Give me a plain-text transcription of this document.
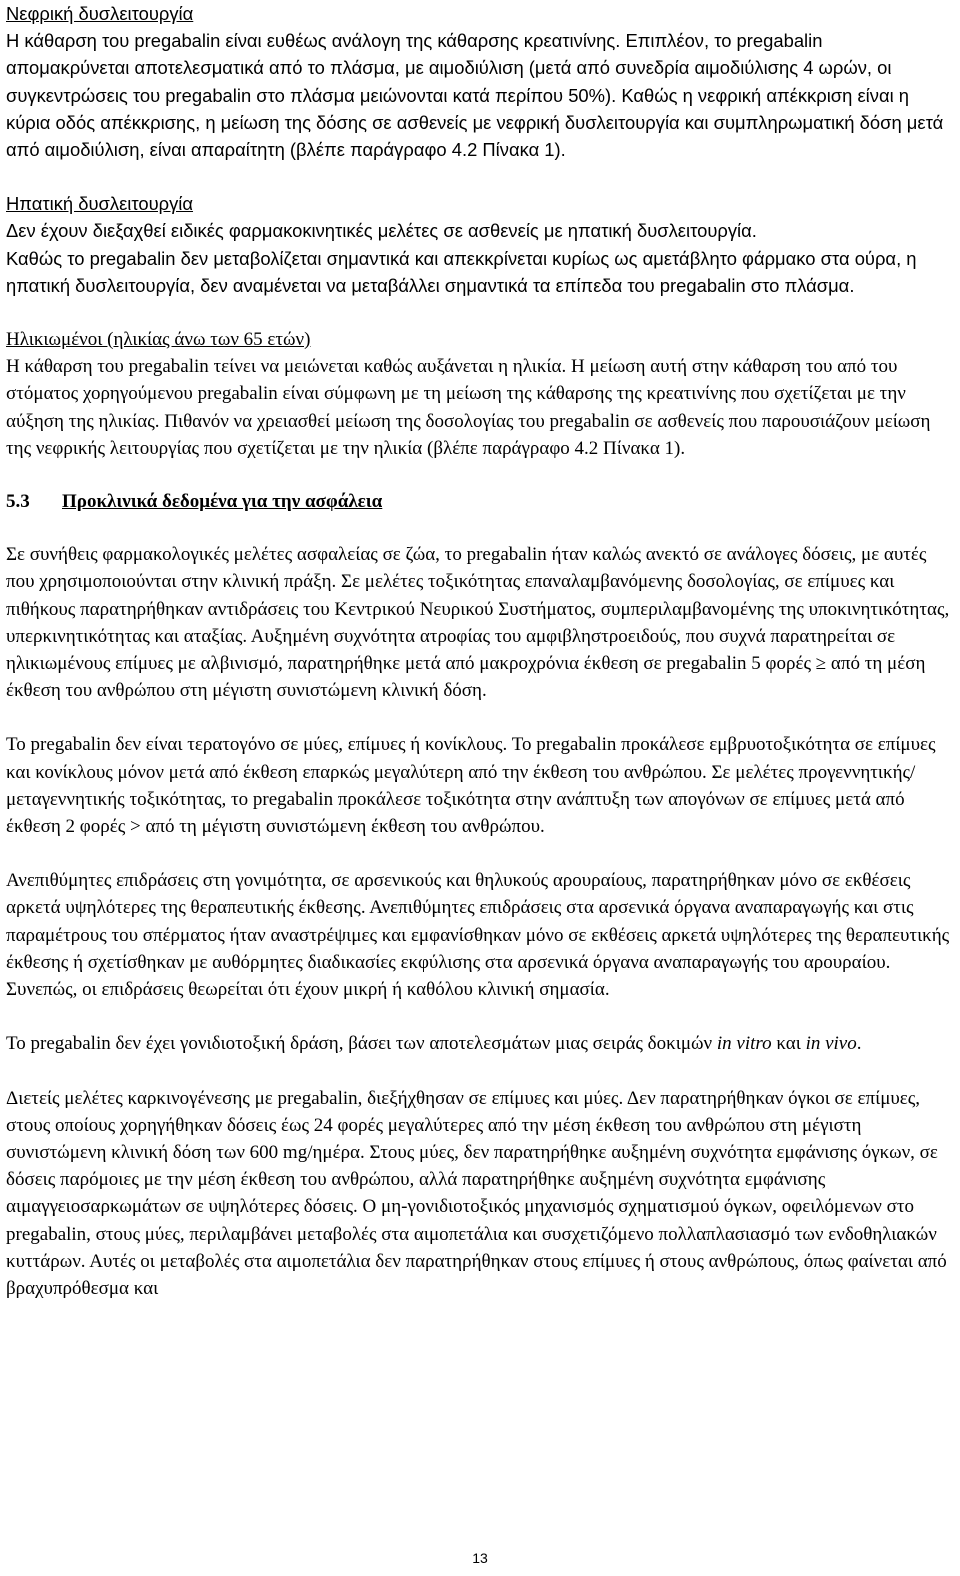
Νεφρική δυσλειτουργία

Η κάθαρση του pregabalin είναι ευθέως ανάλογη της κάθαρσης κρεατινίνης. Επιπλέον, το pregabalin απομακρύνεται αποτελεσματικά από το πλάσμα, με αιμοδιύλιση (μετά από συνεδρία αιμοδιύλισης 4 ωρών, οι συγκεντρώσεις του pregabalin στο πλάσμα μειώνονται κατά περίπου 50%). Καθώς η νεφρική απέκκριση είναι η κύρια οδός απέκκρισης, η μείωση της δόσης σε ασθενείς με νεφρική δυσλειτουργία και συμπληρωματική δόση μετά από αιμοδιύλιση, είναι απαραίτητη (βλέπε παράγραφο 4.2 Πίνακα 1).

Ηπατική δυσλειτουργία

Δεν έχουν διεξαχθεί ειδικές φαρμακοκινητικές μελέτες σε ασθενείς με ηπατική δυσλειτουργία.

Καθώς το pregabalin δεν μεταβολίζεται σημαντικά και απεκκρίνεται κυρίως ως αμετάβλητο φάρμακο στα ούρα, η ηπατική δυσλειτουργία, δεν αναμένεται να μεταβάλλει σημαντικά τα επίπεδα του pregabalin στο πλάσμα.

Ηλικιωμένοι (ηλικίας άνω των 65 ετών)

Η κάθαρση του pregabalin τείνει να μειώνεται καθώς αυξάνεται η ηλικία. Η μείωση αυτή στην κάθαρση του από του στόματος χορηγούμενου pregabalin είναι σύμφωνη με τη μείωση της κάθαρσης της κρεατινίνης που σχετίζεται με την αύξηση της ηλικίας. Πιθανόν να χρειασθεί μείωση της δοσολογίας του pregabalin σε ασθενείς που παρουσιάζουν μείωση της νεφρικής λειτουργίας που σχετίζεται με την ηλικία (βλέπε παράγραφο 4.2 Πίνακα 1).

5.3 Προκλινικά δεδομένα για την ασφάλεια

Σε συνήθεις φαρμακολογικές μελέτες ασφαλείας σε ζώα, το pregabalin ήταν καλώς ανεκτό σε ανάλογες δόσεις, με αυτές που χρησιμοποιούνται στην κλινική πράξη. Σε μελέτες τοξικότητας επαναλαμβανόμενης δοσολογίας, σε επίμυες και πιθήκους παρατηρήθηκαν αντιδράσεις του Κεντρικού Νευρικού Συστήματος, συμπεριλαμβανομένης της υποκινητικότητας, υπερκινητικότητας και αταξίας. Αυξημένη συχνότητα ατροφίας του αμφιβληστροειδούς, που συχνά παρατηρείται σε ηλικιωμένους επίμυες με αλβινισμό, παρατηρήθηκε μετά από μακροχρόνια έκθεση σε pregabalin 5 φορές ≥ από τη μέση έκθεση του ανθρώπου στη μέγιστη συνιστώμενη κλινική δόση.

Το pregabalin δεν είναι τερατογόνο σε μύες, επίμυες ή κονίκλους. Το pregabalin προκάλεσε εμβρυοτοξικότητα σε επίμυες και κονίκλους μόνον μετά από έκθεση επαρκώς μεγαλύτερη από την έκθεση του ανθρώπου. Σε μελέτες προγεννητικής/μεταγεννητικής τοξικότητας, το pregabalin προκάλεσε τοξικότητα στην ανάπτυξη των απογόνων σε επίμυες μετά από έκθεση 2 φορές > από τη μέγιστη συνιστώμενη έκθεση του ανθρώπου.

Ανεπιθύμητες επιδράσεις στη γονιμότητα, σε αρσενικούς και θηλυκούς αρουραίους, παρατηρήθηκαν μόνο σε εκθέσεις αρκετά υψηλότερες της θεραπευτικής έκθεσης. Ανεπιθύμητες επιδράσεις στα αρσενικά όργανα αναπαραγωγής και στις παραμέτρους του σπέρματος ήταν αναστρέψιμες και εμφανίσθηκαν μόνο σε εκθέσεις αρκετά υψηλότερες της θεραπευτικής έκθεσης ή σχετίσθηκαν με αυθόρμητες διαδικασίες εκφύλισης στα αρσενικά όργανα αναπαραγωγής του αρουραίου. Συνεπώς, οι επιδράσεις θεωρείται ότι έχουν μικρή ή καθόλου κλινική σημασία.

Το pregabalin δεν έχει γονιδιοτοξική δράση, βάσει των αποτελεσμάτων μιας σειράς δοκιμών in vitro και in vivo.

Διετείς μελέτες καρκινογένεσης με pregabalin, διεξήχθησαν σε επίμυες και μύες. Δεν παρατηρήθηκαν όγκοι σε επίμυες, στους οποίους χορηγήθηκαν δόσεις έως 24 φορές μεγαλύτερες από την μέση έκθεση του ανθρώπου στη μέγιστη συνιστώμενη κλινική δόση των 600 mg/ημέρα. Στους μύες, δεν παρατηρήθηκε αυξημένη συχνότητα εμφάνισης όγκων, σε δόσεις παρόμοιες με την μέση έκθεση του ανθρώπου, αλλά παρατηρήθηκε αυξημένη συχνότητα εμφάνισης αιμαγγειοσαρκωμάτων σε υψηλότερες δόσεις. Ο μη-γονιδιοτοξικός μηχανισμός σχηματισμού όγκων, οφειλόμενων στο pregabalin, στους μύες, περιλαμβάνει μεταβολές στα αιμοπετάλια και συσχετιζόμενο πολλαπλασιασμό των ενδοθηλιακών κυττάρων. Αυτές οι μεταβολές στα αιμοπετάλια δεν παρατηρήθηκαν στους επίμυες ή στους ανθρώπους, όπως φαίνεται από βραχυπρόθεσμα και

13
